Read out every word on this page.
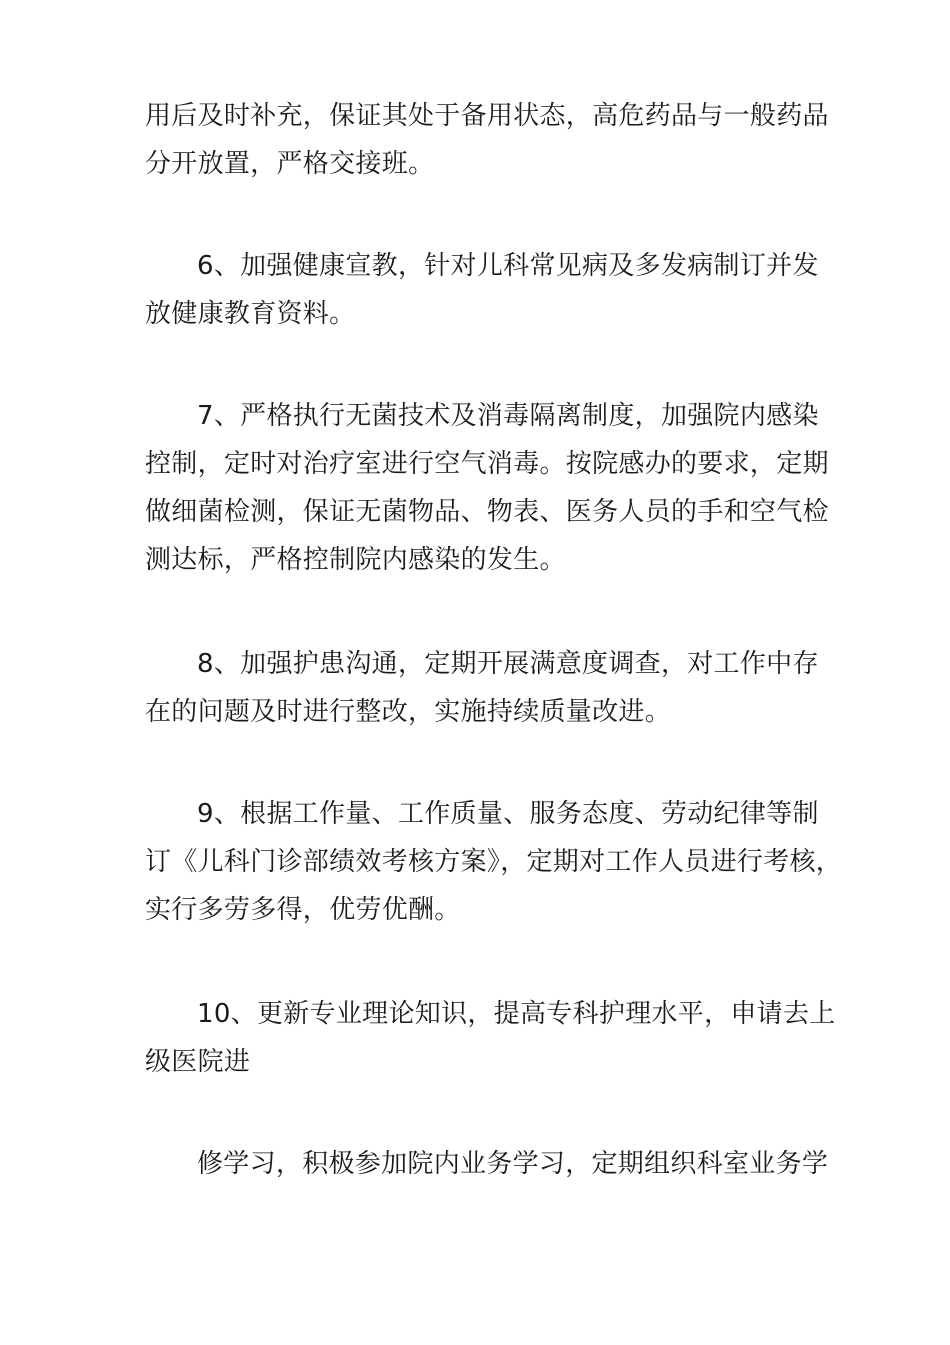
用后及时补充，保证其处于备用状态，高危药品与一般药品
分开放置，严格交接班。
6、加强健康宣教，针对儿科常见病及多发病制订并发
放健康教育资料。
7、严格执行无菌技术及消毒隔离制度，加强院内感染
控制，定时对治疗室进行空气消毒。按院感办的要求，定期
做细菌检测，保证无菌物品、物表、医务人员的手和空气检
测达标，严格控制院内感染的发生。
8、加强护患沟通，定期开展满意度调查，对工作中存
在的问题及时进行整改，实施持续质量改进。
9、根据工作量、工作质量、服务态度、劳动纪律等制
订《儿科门诊部绩效考核方案》，定期对工作人员进行考核，
实行多劳多得，优劳优酬。
10、更新专业理论知识，提高专科护理水平，申请去上
级医院进
修学习，积极参加院内业务学习，定期组织科室业务学
